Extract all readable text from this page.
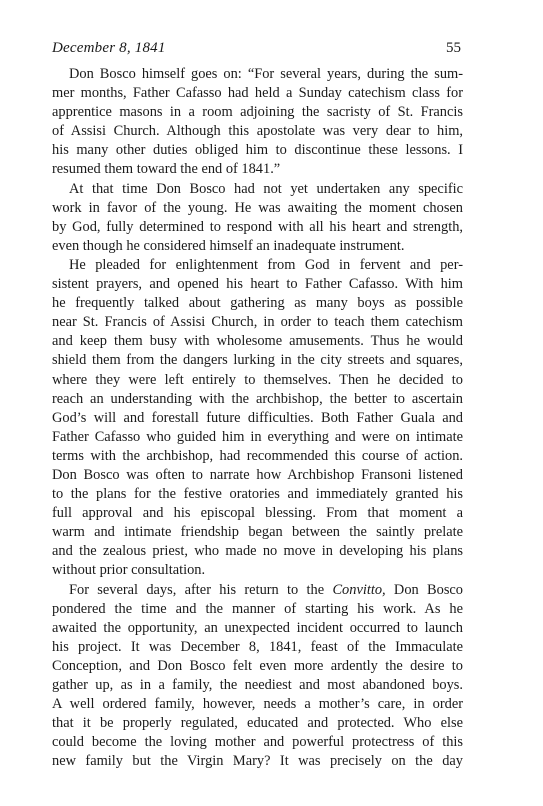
December 8, 1841	55

Don Bosco himself goes on: “For several years, during the sum-
mer months, Father Cafasso had held a Sunday catechism class for
apprentice masons in a room adjoining the sacristy of St. Francis
of Assisi Church. Although this apostolate was very dear to him,
his many other duties obliged him to discontinue these lessons. I
resumed them toward the end of 1841.”

At that time Don Bosco had not yet undertaken any specific
work in favor of the young. He was awaiting the moment chosen
by God, fully determined to respond with all his heart and strength,
even though he considered himself an inadequate instrument.

He pleaded for enlightenment from God in fervent and per-
sistent prayers, and opened his heart to Father Cafasso. With him
he frequently talked about gathering as many boys as possible
near St. Francis of Assisi Church, in order to teach them catechism
and keep them busy with wholesome amusements. Thus he would
shield them from the dangers lurking in the city streets and squares,
where they were left entirely to themselves. Then he decided to
reach an understanding with the archbishop, the better to ascertain
God’s will and forestall future difficulties. Both Father Guala and
Father Cafasso who guided him in everything and were on intimate
terms with the archbishop, had recommended this course of action.
Don Bosco was often to narrate how Archbishop Fransoni listened
to the plans for the festive oratories and immediately granted his
full approval and his episcopal blessing. From that moment a
warm and intimate friendship began between the saintly prelate
and the zealous priest, who made no move in developing his plans
without prior consultation.

For several days, after his return to the Convitto, Don Bosco
pondered the time and the manner of starting his work. As he
awaited the opportunity, an unexpected incident occurred to launch
his project. It was December 8, 1841, feast of the Immaculate
Conception, and Don Bosco felt even more ardently the desire to
gather up, as in a family, the neediest and most abandoned boys.
A well ordered family, however, needs a mother’s care, in order
that it be properly regulated, educated and protected. Who else
could become the loving mother and powerful protectress of this
new family but the Virgin Mary? It was precisely on the day
